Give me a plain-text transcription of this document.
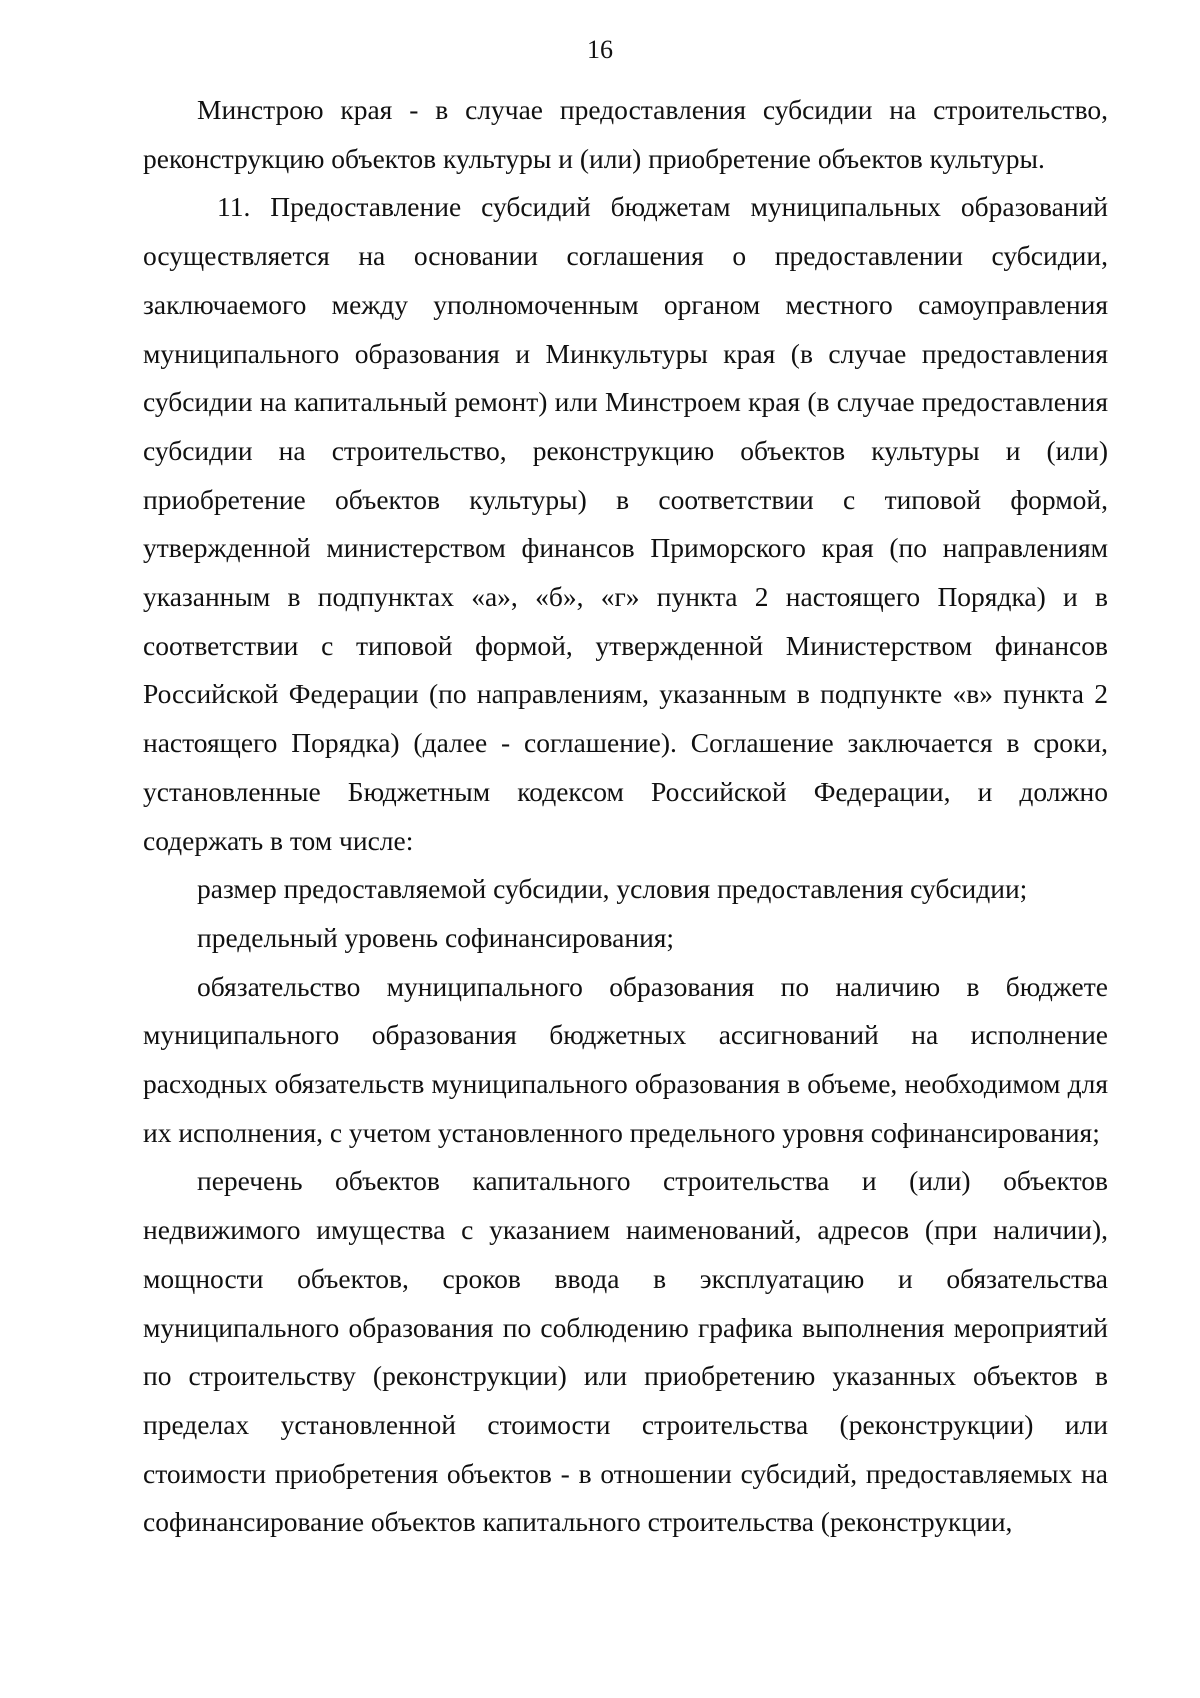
16

Минстрою края - в случае предоставления субсидии на строительство, реконструкцию объектов культуры и (или) приобретение объектов культуры.

11. Предоставление субсидий бюджетам муниципальных образований осуществляется на основании соглашения о предоставлении субсидии, заключаемого между уполномоченным органом местного самоуправления муниципального образования и Минкультуры края (в случае предоставления субсидии на капитальный ремонт) или Минстроем края (в случае предоставления субсидии на строительство, реконструкцию объектов культуры и (или) приобретение объектов культуры) в соответствии с типовой формой, утвержденной министерством финансов Приморского края (по направлениям указанным в подпунктах «а», «б», «г» пункта 2 настоящего Порядка) и в соответствии с типовой формой, утвержденной Министерством финансов Российской Федерации (по направлениям, указанным в подпункте «в» пункта 2 настоящего Порядка) (далее - соглашение). Соглашение заключается в сроки, установленные Бюджетным кодексом Российской Федерации, и должно содержать в том числе:

размер предоставляемой субсидии, условия предоставления субсидии;

предельный уровень софинансирования;

обязательство муниципального образования по наличию в бюджете муниципального образования бюджетных ассигнований на исполнение расходных обязательств муниципального образования в объеме, необходимом для их исполнения, с учетом установленного предельного уровня софинансирования;

перечень объектов капитального строительства и (или) объектов недвижимого имущества с указанием наименований, адресов (при наличии), мощности объектов, сроков ввода в эксплуатацию и обязательства муниципального образования по соблюдению графика выполнения мероприятий по строительству (реконструкции) или приобретению указанных объектов в пределах установленной стоимости строительства (реконструкции) или стоимости приобретения объектов - в отношении субсидий, предоставляемых на софинансирование объектов капитального строительства (реконструкции,
